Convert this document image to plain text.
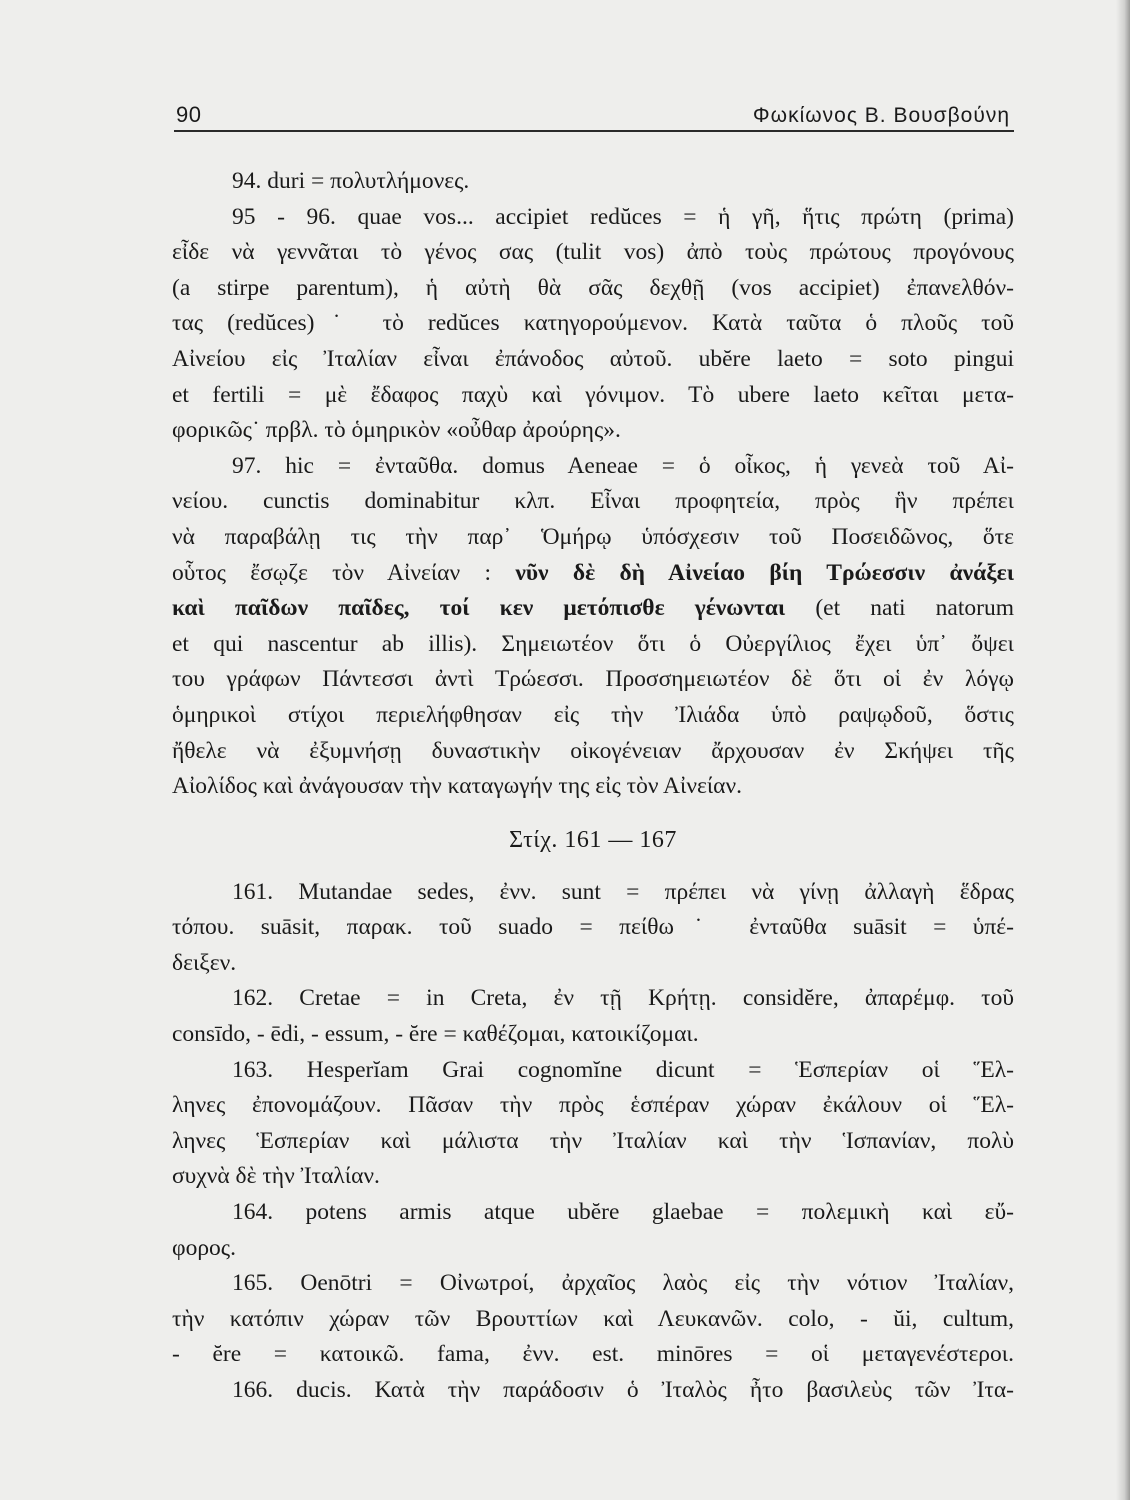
90	Φωκίωνος Β. Βουσβούνη
94. duri = πολυτλήμονες.
95 - 96. quae vos... accipiet redŭces = ἡ γῆ, ἥτις πρώτη (prima)
εἶδε νὰ γεννᾶται τὸ γένος σας (tulit vos) ἀπὸ τοὺς πρώτους προγόνους
(a stirpe parentum), ἡ αὐτὴ θὰ σᾶς δεχθῇ (vos accipiet) ἐπανελθόν-
τας (redŭces)˙ τὸ redŭces κατηγορούμενον. Κατὰ ταῦτα ὁ πλοῦς τοῦ
Αἰνείου εἰς Ἰταλίαν εἶναι ἐπάνοδος αὐτοῦ. ubĕre laeto = soto pingui
et fertili = μὲ ἔδαφος παχὺ καὶ γόνιμον. Τὸ ubere laeto κεῖται μετα-
φορικῶς˙ πρβλ. τὸ ὁμηρικὸν «οὖθαρ ἀρούρης».
97. hic = ἐνταῦθα. domus Aeneae = ὁ οἶκος, ἡ γενεὰ τοῦ Αἰ-
νείου. cunctis dominabitur κλπ. Εἶναι προφητεία, πρὸς ἣν πρέπει
νὰ παραβάλῃ τις τὴν παρ᾽ Ὁμήρῳ ὑπόσχεσιν τοῦ Ποσειδῶνος, ὅτε
οὗτος ἔσῳζε τὸν Αἰνείαν : νῦν δὲ δὴ Αἰνείαο βίη Τρώεσσιν ἀνάξει
καὶ παῖδων παῖδες, τοί κεν μετόπισθε γένωνται (et nati natorum
et qui nascentur ab illis). Σημειωτέον ὅτι ὁ Οὐεργίλιος ἔχει ὑπ᾽ ὄψει
του γράφων Πάντεσσι ἀντὶ Τρώεσσι. Προσσημειωτέον δὲ ὅτι οἱ ἐν λόγῳ
ὁμηρικοὶ στίχοι περιελήφθησαν εἰς τὴν Ἰλιάδα ὑπὸ ραψῳδοῦ, ὅστις
ἤθελε νὰ ἐξυμνήσῃ δυναστικὴν οἰκογένειαν ἄρχουσαν ἐν Σκήψει τῆς
Αἰολίδος καὶ ἀνάγουσαν τὴν καταγωγήν της εἰς τὸν Αἰνείαν.
Στίχ. 161 — 167
161. Mutandae sedes, ἐνν. sunt = πρέπει νὰ γίνῃ ἀλλαγὴ ἕδρας
τόπου. suāsit, παρακ. τοῦ suado = πείθω˙ ἐνταῦθα suāsit = ὑπέ-
δειξεν.
162. Cretae = in Creta, ἐν τῇ Κρήτῃ. considĕre, ἀπαρέμφ. τοῦ
consīdo, - ēdi, - essum, - ĕre = καθέζομαι, κατοικίζομαι.
163. Hesperĭam Grai cognomĭne dicunt = Ἑσπερίαν οἱ Ἕλ-
ληνες ἐπονομάζουν. Πᾶσαν τὴν πρὸς ἑσπέραν χώραν ἐκάλουν οἱ Ἕλ-
ληνες Ἑσπερίαν καὶ μάλιστα τὴν Ἰταλίαν καὶ τὴν Ἱσπανίαν, πολὺ
συχνὰ δὲ τὴν Ἰταλίαν.
164. potens armis atque ubĕre glaebae = πολεμικὴ καὶ εὔ-
φορος.
165. Oenōtri = Οἰνωτροί, ἀρχαῖος λαὸς εἰς τὴν νότιον Ἰταλίαν,
τὴν κατόπιν χώραν τῶν Βρουττίων καὶ Λευκανῶν. colo, - ŭi, cultum,
- ĕre = κατοικῶ. fama, ἐνν. est. minōres = οἱ μεταγενέστεροι.
166. ducis. Κατὰ τὴν παράδοσιν ὁ Ἰταλὸς ἦτο βασιλεὺς τῶν Ἰτα-
